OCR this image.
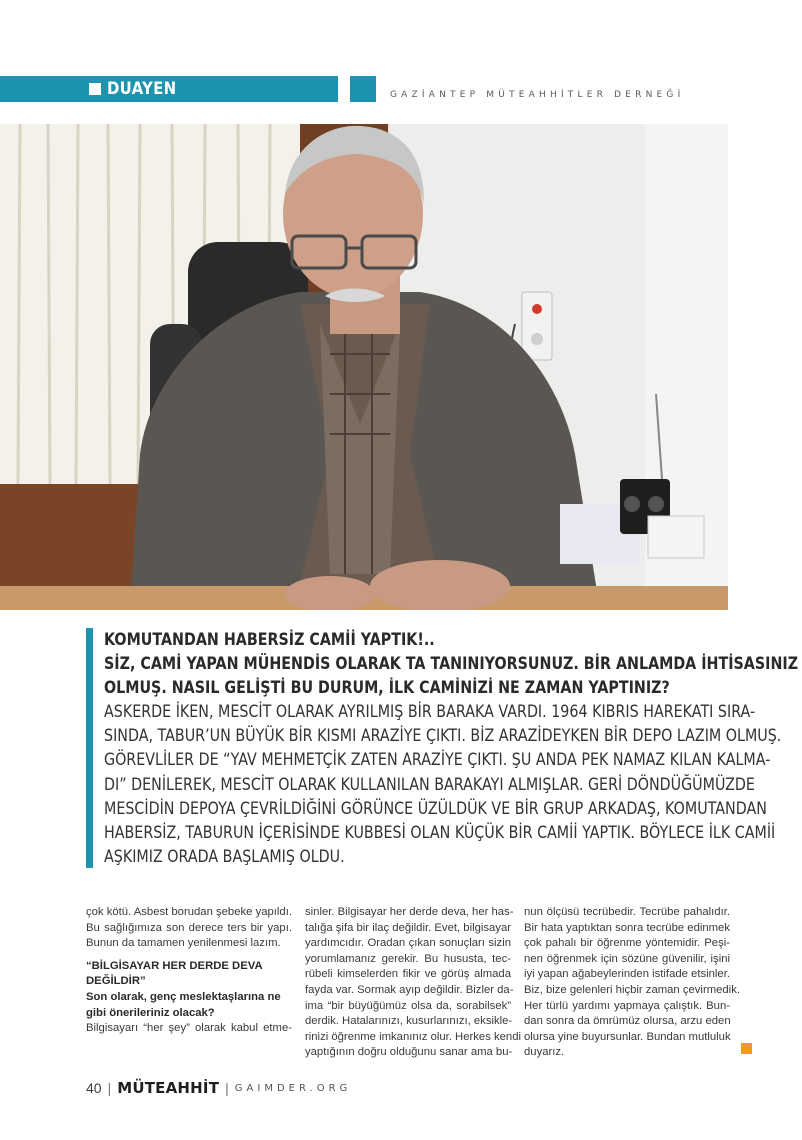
DUAYEN	GAZİANTEP MÜTEAHHİTLER DERNEĞİ
KOMUTANDAN HABERSİZ CAMİİ YAPTIK!..
SİZ, CAMİ YAPAN MÜHENDİS OLARAK TA TANINIYORSUNUZ. BİR ANLAMDA İHTİSASINIZ
OLMUŞ. NASIL GELİŞTİ BU DURUM, İLK CAMİNİZİ NE ZAMAN YAPTINIZ?
ASKERDE İKEN, MESCİT OLARAK AYRILMIŞ BİR BARAKA VARDI. 1964 KIBRIS HAREKATI SIRA-
SINDA, TABUR’UN BÜYÜK BİR KISMI ARAZİYE ÇIKTI. BİZ ARAZİDEYKEN BİR DEPO LAZIM OLMUŞ.
GÖREVLİLER DE “YAV MEHMETÇİK ZATEN ARAZİYE ÇIKTI. ŞU ANDA PEK NAMAZ KILAN KALMA-
DI” DENİLEREK, MESCİT OLARAK KULLANILAN BARAKAYI ALMIŞLAR. GERİ DÖNDÜĞÜMÜZDE
MESCİDİN DEPOYA ÇEVRİLDİĞİNİ GÖRÜNCE ÜZÜLDÜK VE BİR GRUP ARKADAŞ, KOMUTANDAN
HABERSİZ, TABURUN İÇERİSİNDE KUBBESİ OLAN KÜÇÜK BİR CAMİİ YAPTIK. BÖYLECE İLK CAMİİ
AŞKIMIZ ORADA BAŞLAMIŞ OLDU.
çok kötü. Asbest borudan şebeke yapıldı.
Bu sağlığımıza son derece ters bir yapı.
Bunun da tamamen yenilenmesi lazım.
“BİLGİSAYAR HER DERDE DEVA
DEĞİLDİR”
Son olarak, genç meslektaşlarına ne
gibi önerileriniz olacak?
Bilgisayarı “her şey” olarak kabul etme-
sinler. Bilgisayar her derde deva, her has-
talığa şifa bir ilaç değildir. Evet, bilgisayar
yardımcıdır. Oradan çıkan sonuçları sizin
yorumlamanız gerekir. Bu hususta, tec-
rübeli kimselerden fikir ve görüş almada
fayda var. Sormak ayıp değildir. Bizler da-
ima “bir büyüğümüz olsa da, sorabilsek”
derdik. Hatalarınızı, kusurlarınızı, eksikle-
rinizi öğrenme imkanınız olur. Herkes kendi
yaptığının doğru olduğunu sanar ama bu-
nun ölçüsü tecrübedir. Tecrübe pahalıdır.
Bir hata yaptıktan sonra tecrübe edinmek
çok pahalı bir öğrenme yöntemidir. Peşi-
nen öğrenmek için sözüne güvenilir, işini
iyi yapan ağabeylerinden istifade etsinler.
Biz, bize gelenleri hiçbir zaman çevirmedik.
Her türlü yardımı yapmaya çalıştık. Bun-
dan sonra da ömrümüz olursa, arzu eden
olursa yine buyursunlar. Bundan mutluluk
duyarız.
40 | MÜTEAHHİT | GAIMDER.ORG
